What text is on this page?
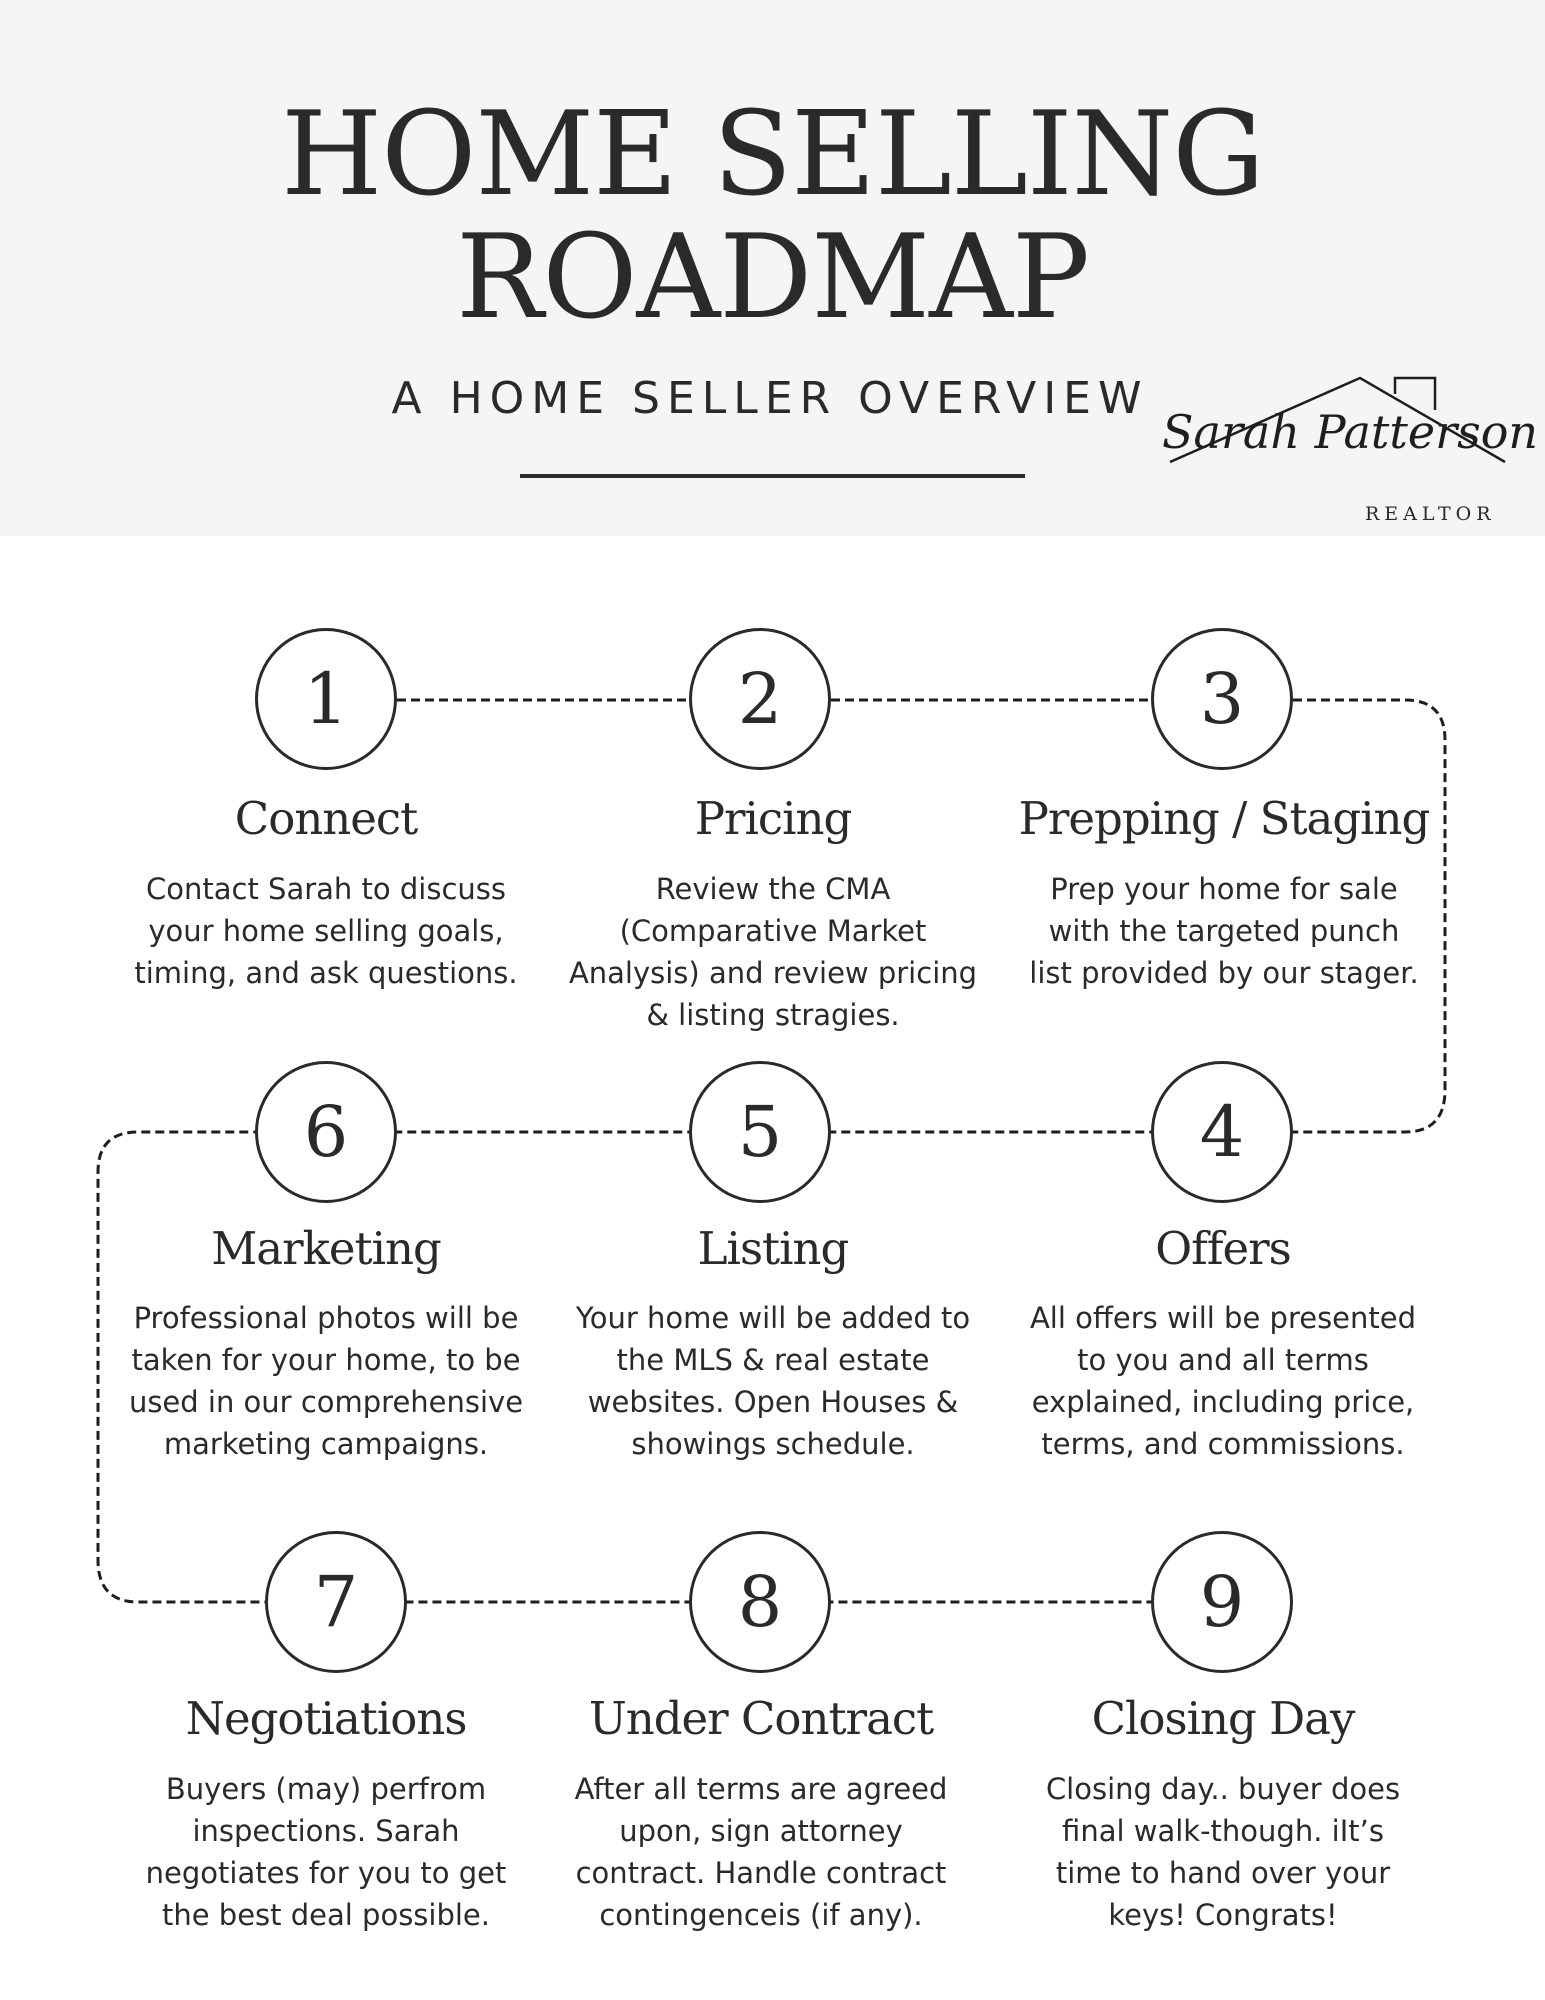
HOME SELLING
ROADMAP
A HOME SELLER OVERVIEW
Sarah Patterson
REALTOR
1
Connect
Contact Sarah to discuss your home selling goals, timing, and ask questions.
2
Pricing
Review the CMA (Comparative Market Analysis) and review pricing & listing stragies.
3
Prepping / Staging
Prep your home for sale with the targeted punch list provided by our stager.
4
Offers
All offers will be presented to you and all terms explained, including price, terms, and commissions.
5
Listing
Your home will be added to the MLS & real estate websites. Open Houses & showings schedule.
6
Marketing
Professional photos will be taken for your home, to be used in our comprehensive marketing campaigns.
7
Negotiations
Buyers (may) perfrom inspections. Sarah negotiates for you to get the best deal possible.
8
Under Contract
After all terms are agreed upon, sign attorney contract. Handle contract contingenceis (if any).
9
Closing Day
Closing day.. buyer does final walk-though. iIt’s time to hand over your keys! Congrats!
